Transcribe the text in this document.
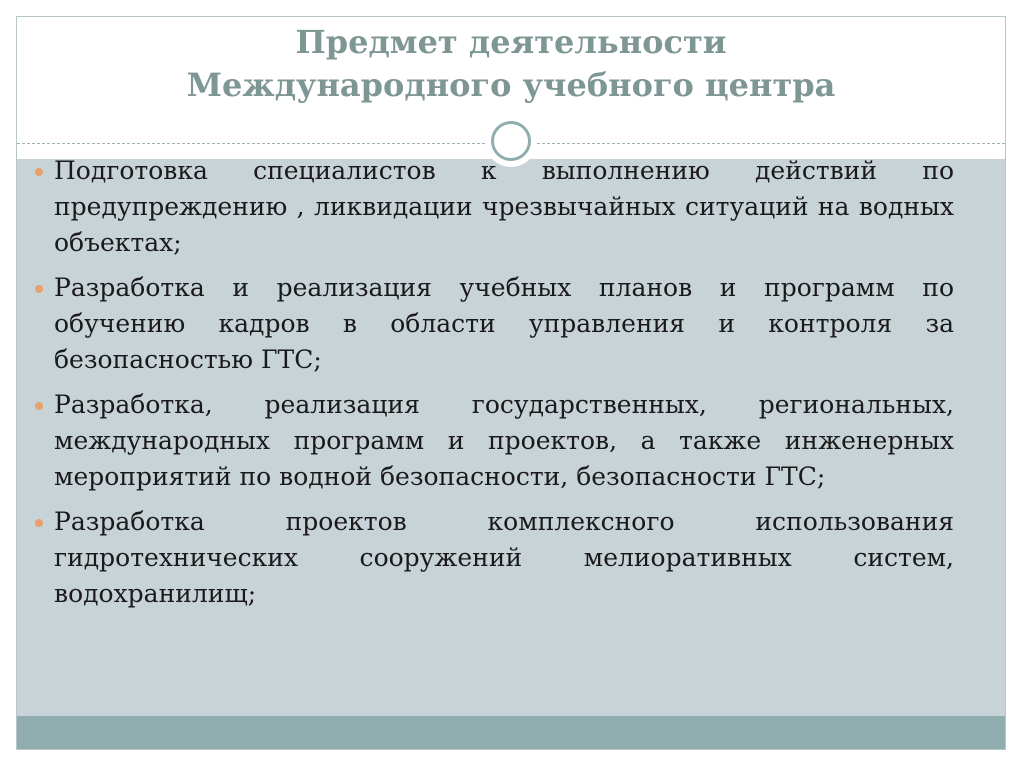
Предмет деятельности
Международного учебного центра
Подготовка специалистов к выполнению действий по предупреждению , ликвидации чрезвычайных ситуаций на водных объектах;
Разработка и реализация учебных планов и программ по обучению кадров в области управления и контроля за безопасностью ГТС;
Разработка, реализация государственных, региональных, международных программ и проектов, а также инженерных мероприятий по водной безопасности, безопасности ГТС;
Разработка проектов комплексного использования гидротехнических сооружений мелиоративных систем, водохранилищ;
